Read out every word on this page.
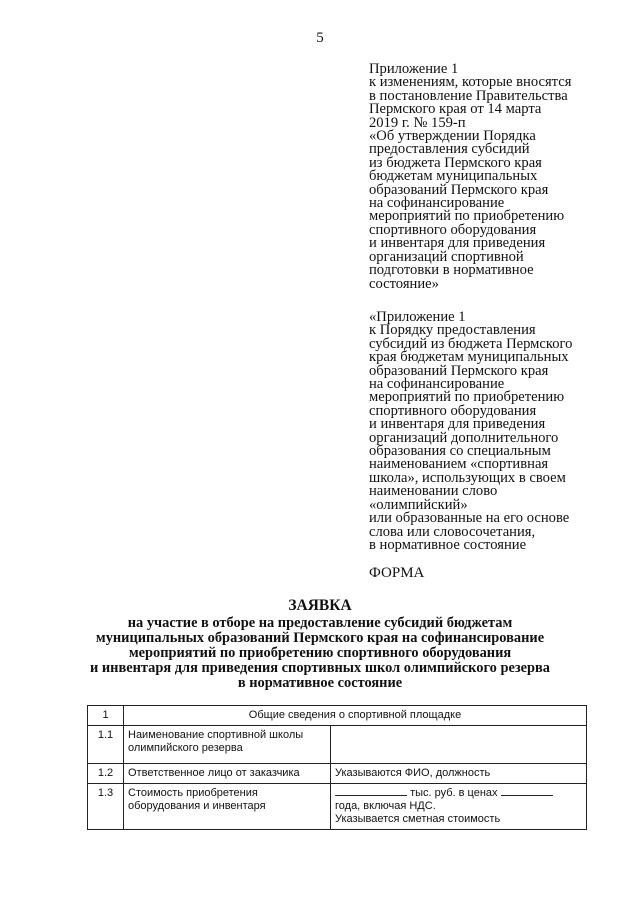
5
Приложение 1
к изменениям, которые вносятся
в постановление Правительства
Пермского края от 14 марта
2019 г. № 159-п
«Об утверждении Порядка
предоставления субсидий
из бюджета Пермского края
бюджетам муниципальных
образований Пермского края
на софинансирование
мероприятий по приобретению
спортивного оборудования
и инвентаря для приведения
организаций спортивной
подготовки в нормативное
состояние»
«Приложение 1
к Порядку предоставления
субсидий из бюджета Пермского
края бюджетам муниципальных
образований Пермского края
на софинансирование
мероприятий по приобретению
спортивного оборудования
и инвентаря для приведения
организаций дополнительного
образования со специальным
наименованием «спортивная
школа», использующих в своем
наименовании слово
«олимпийский»
или образованные на его основе
слова или словосочетания,
в нормативное состояние
ФОРМА
ЗАЯВКА
на участие в отборе на предоставление субсидий бюджетам
муниципальных образований Пермского края на софинансирование
мероприятий по приобретению спортивного оборудования
и инвентаря для приведения спортивных школ олимпийского резерва
в нормативное состояние
1	Общие сведения о спортивной площадке	
1.1	Наименование спортивной школы олимпийского резерва	
1.2	Ответственное лицо от заказчика	Указываются ФИО, должность
1.3	Стоимость приобретения оборудования и инвентаря	тыс. руб. в ценах
года, включая НДС.
Указывается сметная стоимость
